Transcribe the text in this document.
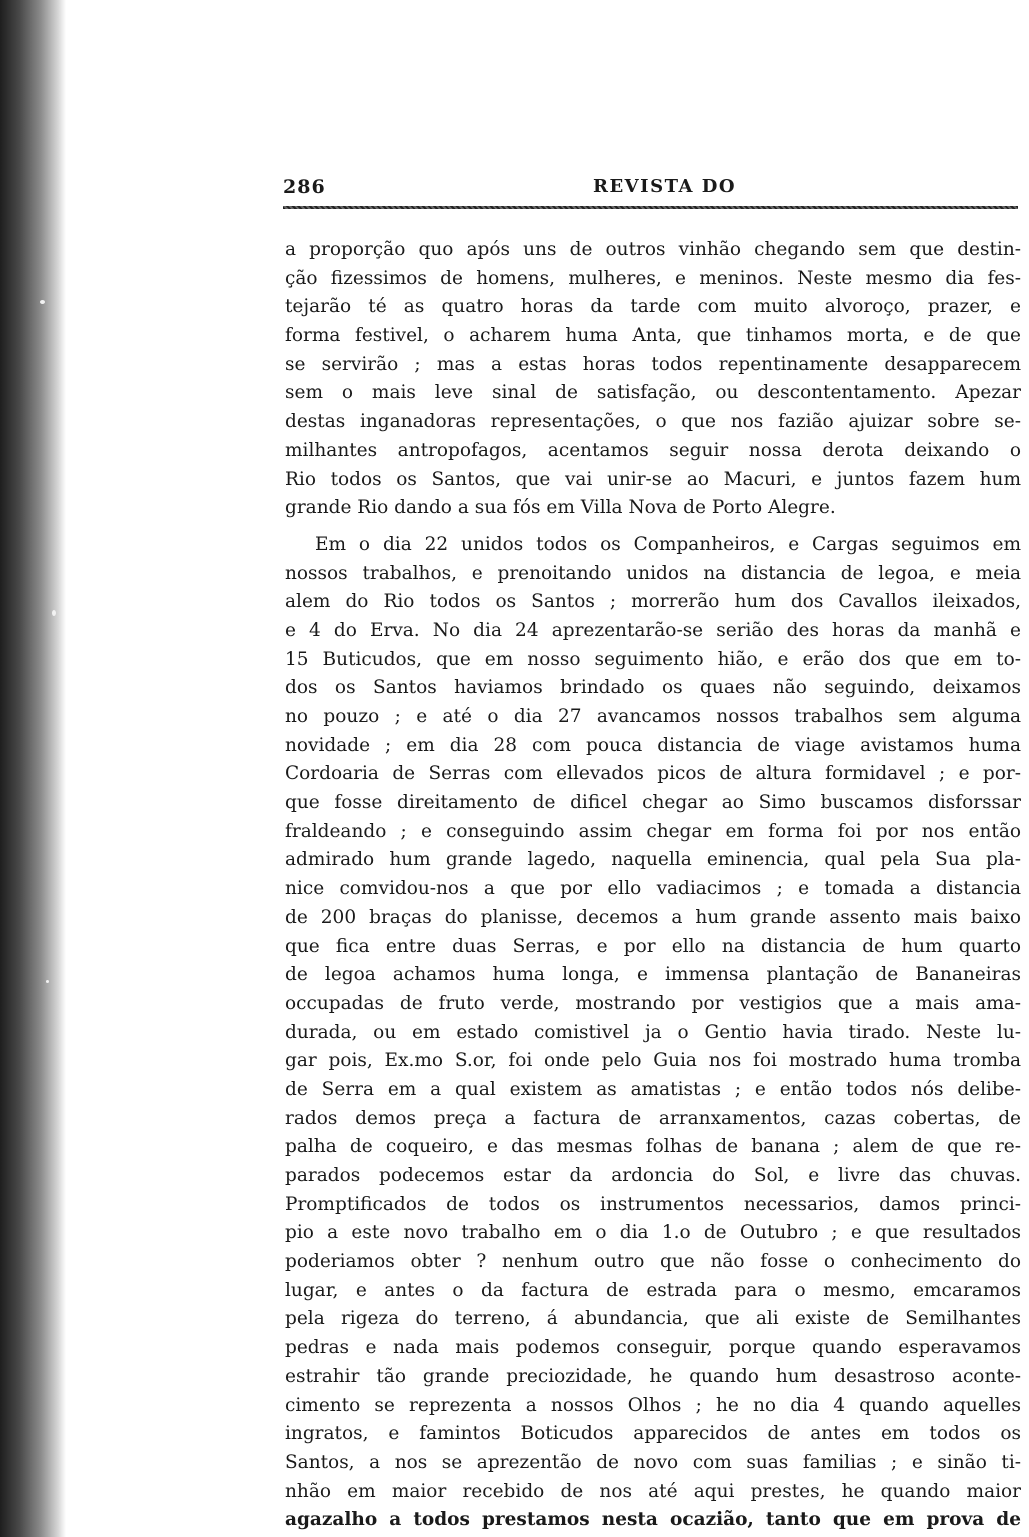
286	REVISTA DO
a proporção quo após uns de outros vinhão chegando sem que destin-
ção fizessimos de homens, mulheres, e meninos. Neste mesmo dia fes-
tejarão té as quatro horas da tarde com muito alvoroço, prazer, e
forma festivel, o acharem huma Anta, que tinhamos morta, e de que
se servirão ; mas a estas horas todos repentinamente desapparecem
sem o mais leve sinal de satisfação, ou descontentamento. Apezar
destas inganadoras representações, o que nos fazião ajuizar sobre se-
milhantes antropofagos, acentamos seguir nossa derota deixando o
Rio todos os Santos, que vai unir-se ao Macuri, e juntos fazem hum
grande Rio dando a sua fós em Villa Nova de Porto Alegre.
Em o dia 22 unidos todos os Companheiros, e Cargas seguimos em
nossos trabalhos, e prenoitando unidos na distancia de legoa, e meia
alem do Rio todos os Santos ; morrerão hum dos Cavallos ileixados,
e 4 do Erva. No dia 24 aprezentarão-se serião des horas da manhã e
15 Buticudos, que em nosso seguimento hião, e erão dos que em to-
dos os Santos haviamos brindado os quaes não seguindo, deixamos
no pouzo ; e até o dia 27 avancamos nossos trabalhos sem alguma
novidade ; em dia 28 com pouca distancia de viage avistamos huma
Cordoaria de Serras com ellevados picos de altura formidavel ; e por-
que fosse direitamento de dificel chegar ao Simo buscamos disforssar
fraldeando ; e conseguindo assim chegar em forma foi por nos então
admirado hum grande lagedo, naquella eminencia, qual pela Sua pla-
nice comvidou-nos a que por ello vadiacimos ; e tomada a distancia
de 200 braças do planisse, decemos a hum grande assento mais baixo
que fica entre duas Serras, e por ello na distancia de hum quarto
de legoa achamos huma longa, e immensa plantação de Bananeiras
occupadas de fruto verde, mostrando por vestigios que a mais ama-
durada, ou em estado comistivel ja o Gentio havia tirado. Neste lu-
gar pois, Ex.mo S.or, foi onde pelo Guia nos foi mostrado huma tromba
de Serra em a qual existem as amatistas ; e então todos nós delibe-
rados demos preça a factura de arranxamentos, cazas cobertas, de
palha de coqueiro, e das mesmas folhas de banana ; alem de que re-
parados podecemos estar da ardoncia do Sol, e livre das chuvas.
Promptificados de todos os instrumentos necessarios, damos princi-
pio a este novo trabalho em o dia 1.o de Outubro ; e que resultados
poderiamos obter ? nenhum outro que não fosse o conhecimento do
lugar, e antes o da factura de estrada para o mesmo, emcaramos
pela rigeza do terreno, á abundancia, que ali existe de Semilhantes
pedras e nada mais podemos conseguir, porque quando esperavamos
estrahir tão grande preciozidade, he quando hum desastroso aconte-
cimento se reprezenta a nossos Olhos ; he no dia 4 quando aquelles
ingratos, e famintos Boticudos apparecidos de antes em todos os
Santos, a nos se aprezentão de novo com suas familias ; e sinão ti-
nhão em maior recebido de nos até aqui prestes, he quando maior
agazalho a todos prestamos nesta ocazião, tanto que em prova de
